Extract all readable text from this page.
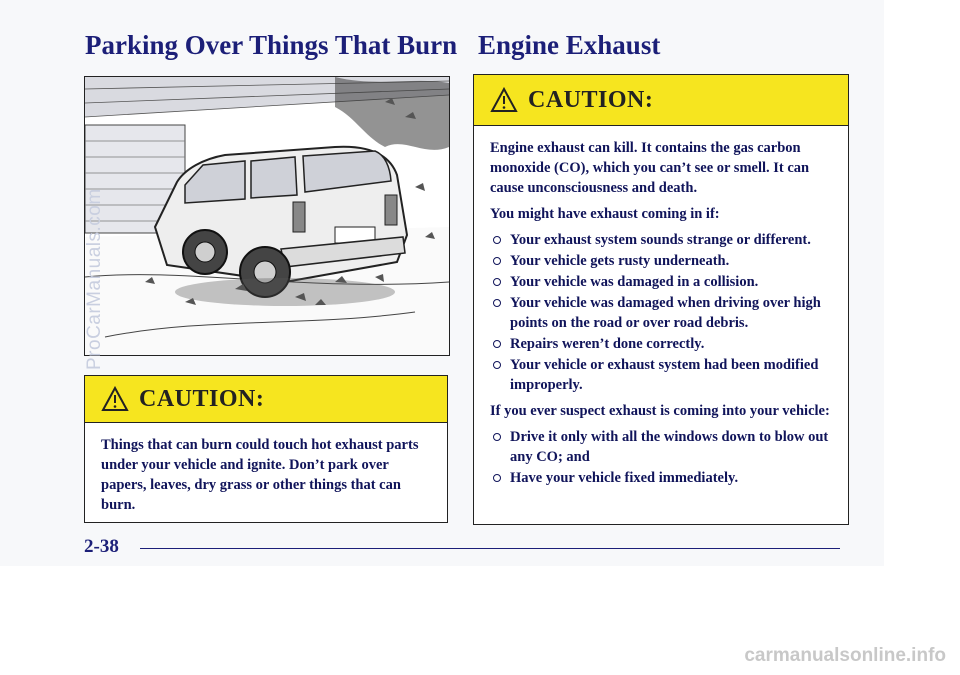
Parking Over Things That Burn Engine Exhaust
CAUTION:

Things that can burn could touch hot exhaust parts under your vehicle and ignite. Don’t park over papers, leaves, dry grass or other things that can burn.

CAUTION:

Engine exhaust can kill. It contains the gas carbon monoxide (CO), which you can’t see or smell. It can cause unconsciousness and death.

You might have exhaust coming in if:

Your exhaust system sounds strange or different.
Your vehicle gets rusty underneath.
Your vehicle was damaged in a collision.
Your vehicle was damaged when driving over high points on the road or over road debris.
Repairs weren’t done correctly.
Your vehicle or exhaust system had been modified improperly.

If you ever suspect exhaust is coming into your vehicle:

Drive it only with all the windows down to blow out any CO; and
Have your vehicle fixed immediately.
2-38
ProCarManuals.com
carmanualsonline.info
